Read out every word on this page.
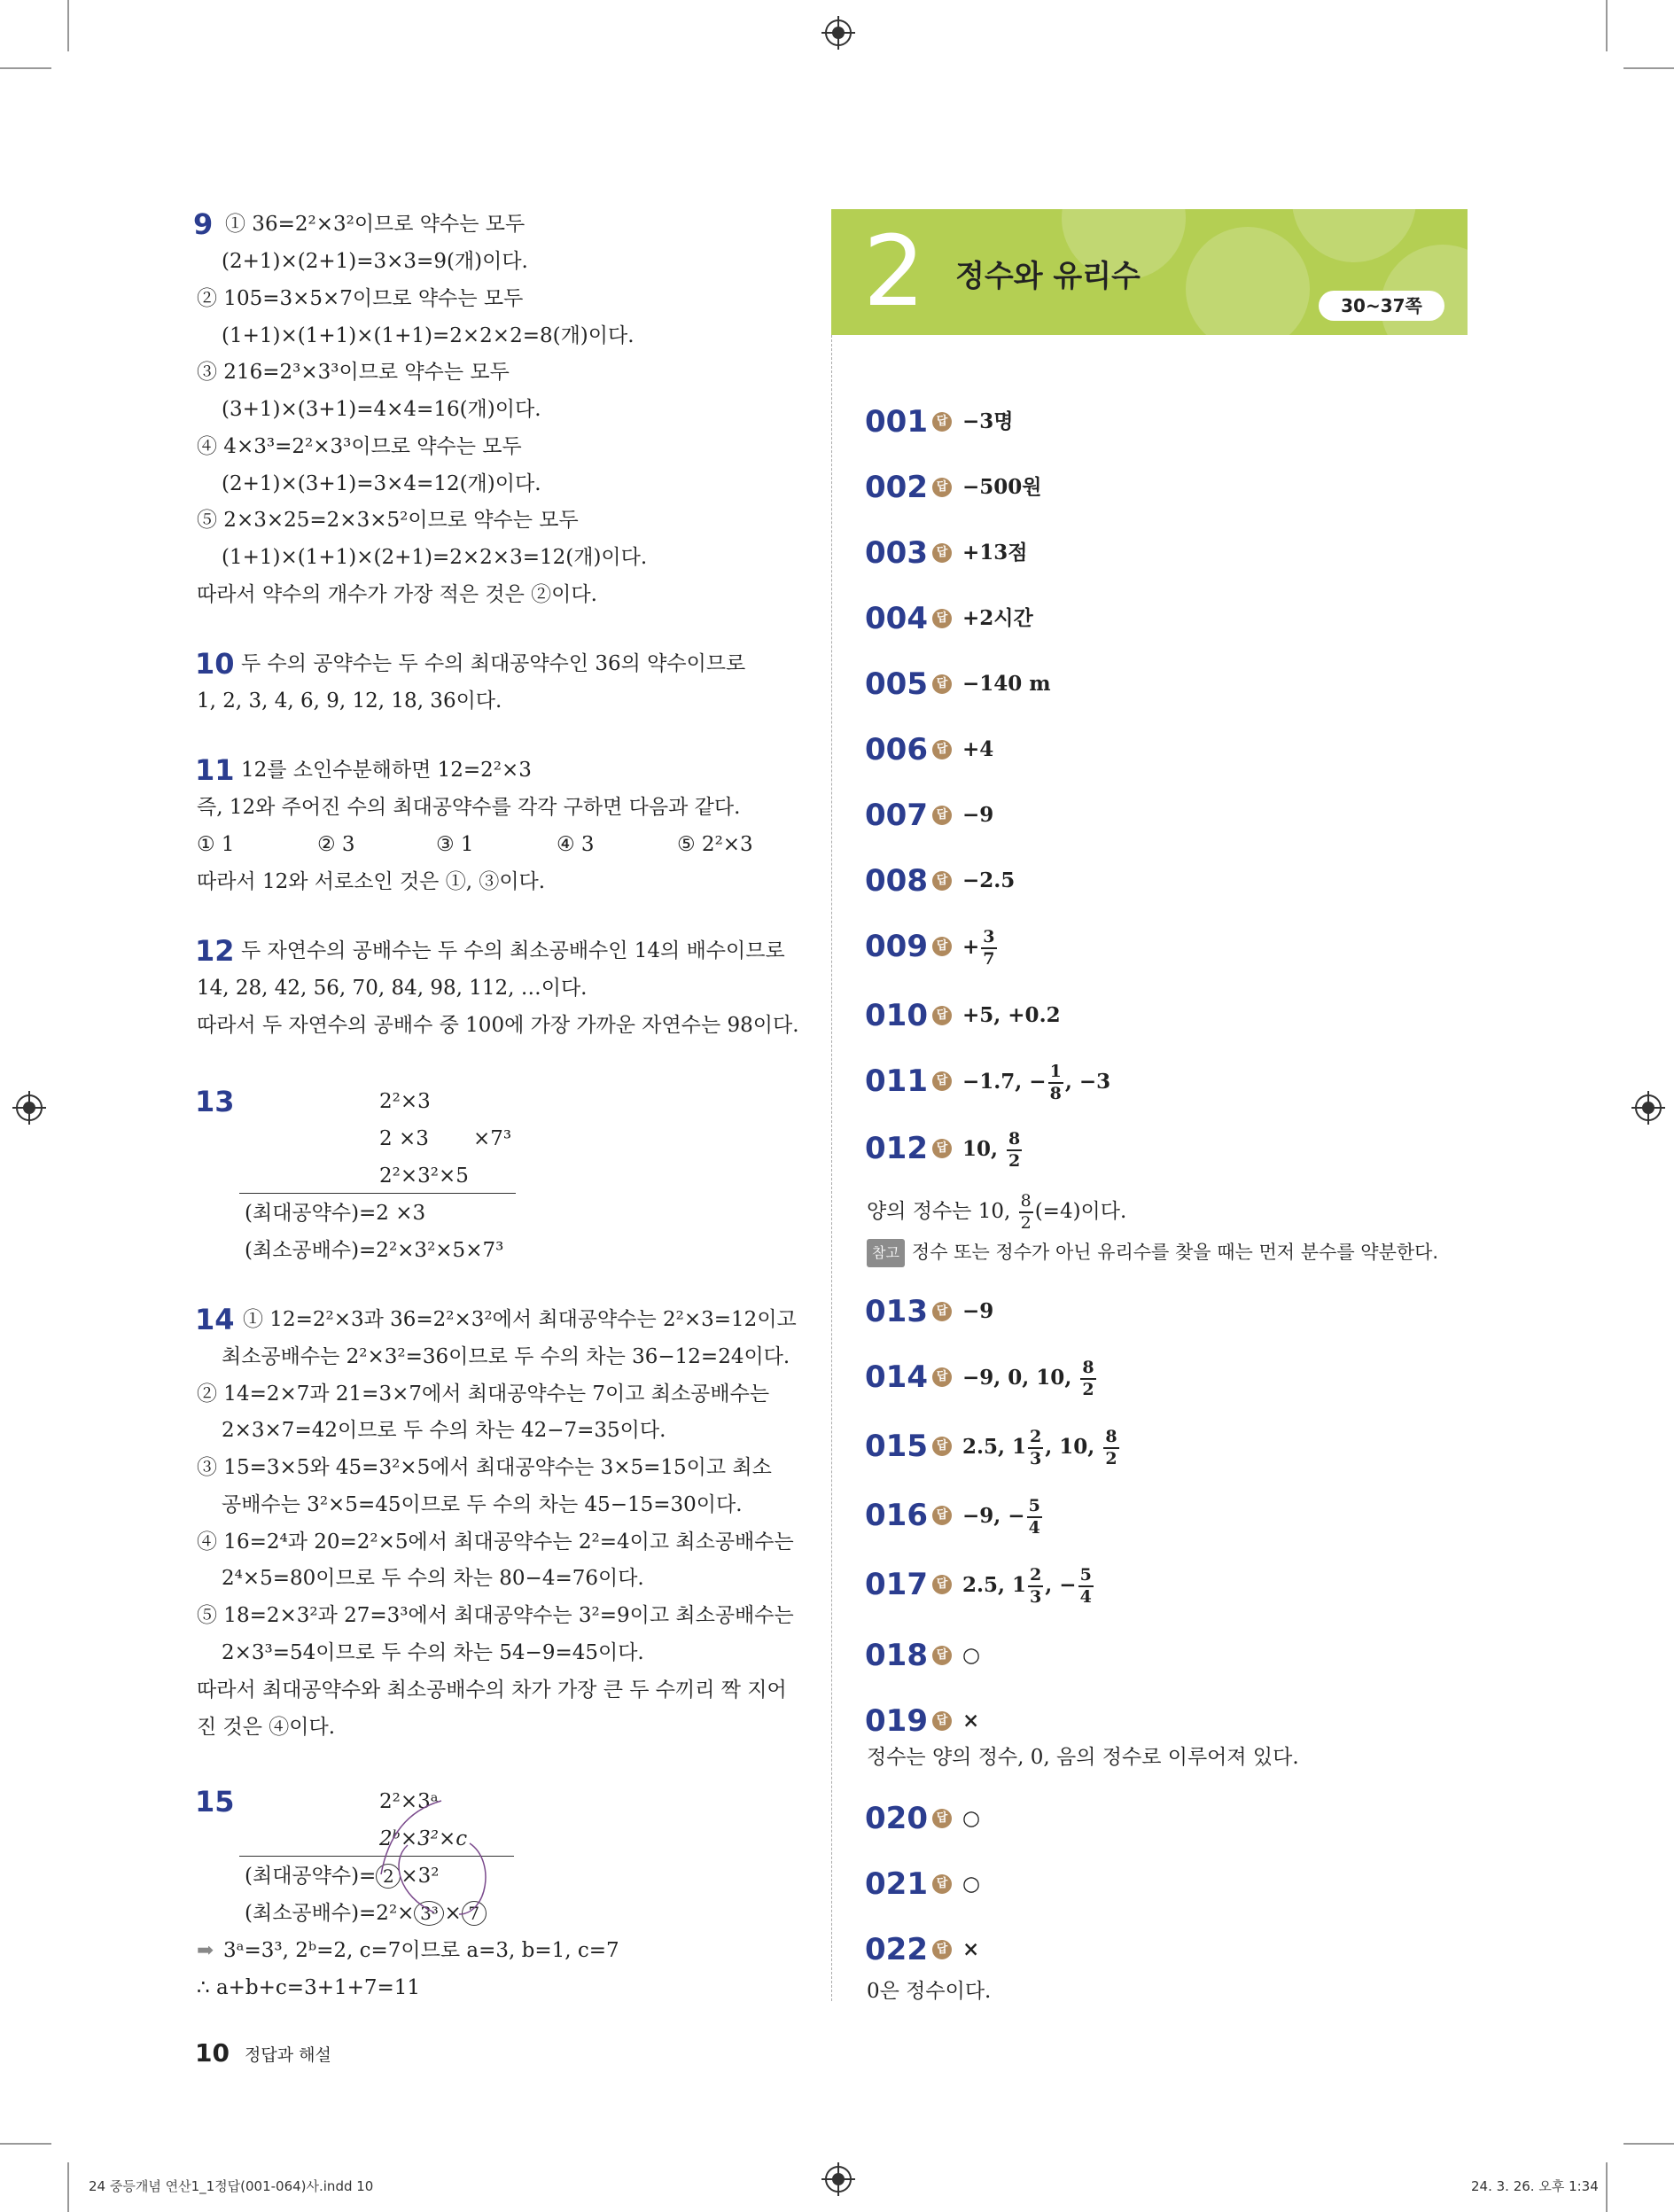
9 ① 36=2²×3²이므로 약수는 모두
(2+1)×(2+1)=3×3=9(개)이다.
② 105=3×5×7이므로 약수는 모두
(1+1)×(1+1)×(1+1)=2×2×2=8(개)이다.
③ 216=2³×3³이므로 약수는 모두
(3+1)×(3+1)=4×4=16(개)이다.
④ 4×3³=2²×3³이므로 약수는 모두
(2+1)×(3+1)=3×4=12(개)이다.
⑤ 2×3×25=2×3×5²이므로 약수는 모두
(1+1)×(1+1)×(2+1)=2×2×3=12(개)이다.
따라서 약수의 개수가 가장 적은 것은 ②이다.
10 두 수의 공약수는 두 수의 최대공약수인 36의 약수이므로
1, 2, 3, 4, 6, 9, 12, 18, 36이다.
11 12를 소인수분해하면 12=2²×3
즉, 12와 주어진 수의 최대공약수를 각각 구하면 다음과 같다.
① 1	② 3	③ 1	④ 3	⑤ 2²×3
따라서 12와 서로소인 것은 ①, ③이다.
12 두 자연수의 공배수는 두 수의 최소공배수인 14의 배수이므로
14, 28, 42, 56, 70, 84, 98, 112, …이다.
따라서 두 자연수의 공배수 중 100에 가장 가까운 자연수는 98이다.
13	2²×3
2 ×3 ×7³
2²×3²×5
(최대공약수)=2 ×3
(최소공배수)=2²×3²×5×7³
14 ① 12=2²×3과 36=2²×3²에서 최대공약수는 2²×3=12이고
최소공배수는 2²×3²=36이므로 두 수의 차는 36−12=24이다.
② 14=2×7과 21=3×7에서 최대공약수는 7이고 최소공배수는
2×3×7=42이므로 두 수의 차는 42−7=35이다.
③ 15=3×5와 45=3²×5에서 최대공약수는 3×5=15이고 최소
공배수는 3²×5=45이므로 두 수의 차는 45−15=30이다.
④ 16=2⁴과 20=2²×5에서 최대공약수는 2²=4이고 최소공배수는
2⁴×5=80이므로 두 수의 차는 80−4=76이다.
⑤ 18=2×3²과 27=3³에서 최대공약수는 3²=9이고 최소공배수는
2×3³=54이므로 두 수의 차는 54−9=45이다.
따라서 최대공약수와 최소공배수의 차가 가장 큰 두 수끼리 짝 지어
진 것은 ④이다.
15	2²×3ᵃ
2ᵇ×3²×c
(최대공약수)= 2 ×3²
(최소공배수)=2²× 3³ × 7
➡ 3ᵃ=3³, 2ᵇ=2, c=7이므로 a=3, b=1, c=7
∴ a+b+c=3+1+7=11
10 정답과 해설
2 정수와 유리수
30~37쪽
001 답 −3명
002 답 −500원
003 답 +13점
004 답 +2시간
005 답 −140 m
006 답 +4
007 답 −9
008 답 −2.5
009 답 + $\frac{3}{7}$
010 답 +5, +0.2
011 답 −1.7, − $\frac{1}{8}$ , −3
012 답 10, $\frac{8}{2}$
013 답 −9
014 답 −9, 0, 10, $\frac{8}{2}$
015 답 2.5, $1 \frac{2}{3}$ , 10, $\frac{8}{2}$
016 답 −9, − $\frac{5}{4}$
017 답 2.5, $1 \frac{2}{3}$ , − $\frac{5}{4}$
018 답 ○
019 답 ×
020 답 ○
021 답 ○
022 답 ×
양의 정수는 10, $\frac{8}{2} (=4)$이다.
참고 정수 또는 정수가 아닌 유리수를 찾을 때는 먼저 분수를 약분한다.
정수는 양의 정수, 0, 음의 정수로 이루어져 있다.
0은 정수이다.
24 중등개념 연산1_1정답(001-064)사.indd 10	24. 3. 26. 오후 1:34
